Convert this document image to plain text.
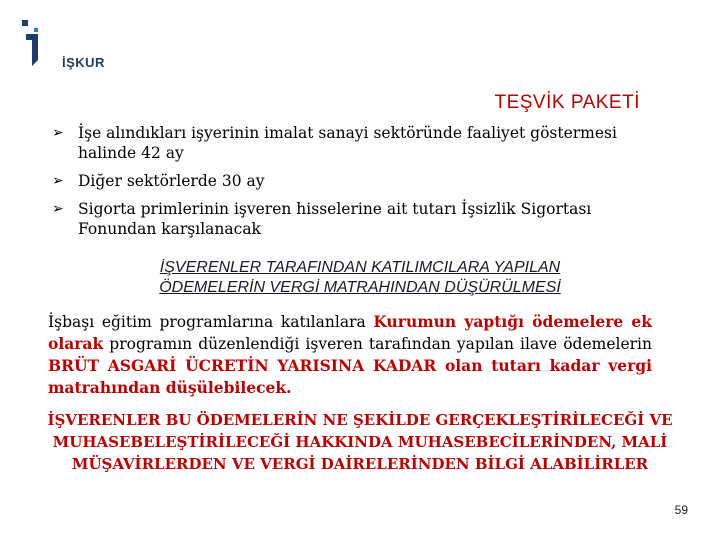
İŞKUR
TEŞVİK PAKETİ
➢ İşe alındıkları işyerinin imalat sanayi sektöründe faaliyet göstermesi halinde 42 ay
➢ Diğer sektörlerde 30 ay
➢ Sigorta primlerinin işveren hisselerine ait tutarı İşsizlik Sigortası Fonundan karşılanacak
İŞVERENLER TARAFINDAN KATILIMCILARA YAPILAN
ÖDEMELERİN VERGİ MATRAHINDAN DÜŞÜRÜLMESİ
İşbaşı eğitim programlarına katılanlara Kurumun yaptığı ödemelere ek olarak programın düzenlendiği işveren tarafından yapılan ilave ödemelerin BRÜT ASGARİ ÜCRETİN YARISINA KADAR olan tutarı kadar vergi matrahından düşülebilecek.
İŞVERENLER BU ÖDEMELERİN NE ŞEKİLDE GERÇEKLEŞTİRİLECEĞİ VE MUHASEBELEŞTİRİLECEĞİ HAKKINDA MUHASEBECİLERİNDEN, MALİ MÜŞAVİRLERDEN VE VERGİ DAİRELERİNDEN BİLGİ ALABİLİRLER
59
